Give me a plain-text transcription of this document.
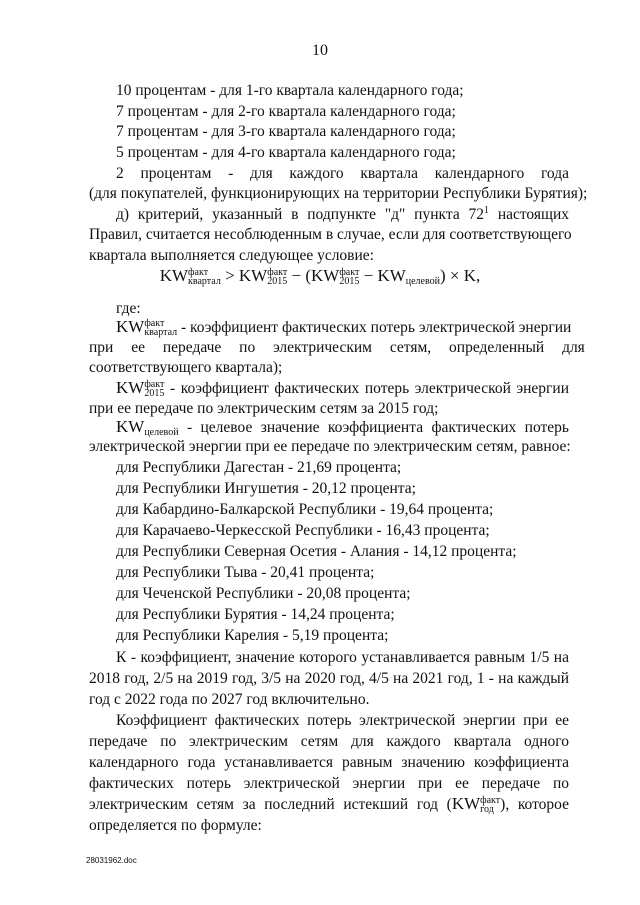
10
10 процентам - для 1-го квартала календарного года;
7 процентам - для 2-го квартала календарного года;
7 процентам - для 3-го квартала календарного года;
5 процентам - для 4-го квартала календарного года;
2 процентам - для каждого квартала календарного года
(для покупателей, функционирующих на территории Республики Бурятия);
д) критерий, указанный в подпункте "д" пункта $72^1$ настоящих
Правил, считается несоблюденным в случае, если для соответствующего
квартала выполняется следующее условие:
KW факт
квартал > KW факт
2015 − (KW факт
2015 − KW
целевой ) × K,
где:
KW факт
квартал - коэффициент фактических потерь электрической энергии
при ее передаче по электрическим сетям, определенный для
соответствующего квартала);
KW факт
2015 - коэффициент фактических потерь электрической энергии
при ее передаче по электрическим сетям за 2015 год;
KW
целевой - целевое значение коэффициента фактических потерь
электрической энергии при ее передаче по электрическим сетям, равное:
для Республики Дагестан - 21,69 процента;
для Республики Ингушетия - 20,12 процента;
для Кабардино-Балкарской Республики - 19,64 процента;
для Карачаево-Черкесской Республики - 16,43 процента;
для Республики Северная Осетия - Алания - 14,12 процента;
для Республики Тыва - 20,41 процента;
для Чеченской Республики - 20,08 процента;
для Республики Бурятия - 14,24 процента;
для Республики Карелия - 5,19 процента;
К - коэффициент, значение которого устанавливается равным 1/5 на
2018 год, 2/5 на 2019 год, 3/5 на 2020 год, 4/5 на 2021 год, 1 - на каждый
год с 2022 года по 2027 год включительно.
Коэффициент фактических потерь электрической энергии при ее
передаче по электрическим сетям для каждого квартала одного
календарного года устанавливается равным значению коэффициента
фактических потерь электрической энергии при ее передаче по
электрическим сетям за последний истекший год (KW факт
год ), которое
определяется по формуле:
28031962.doc
